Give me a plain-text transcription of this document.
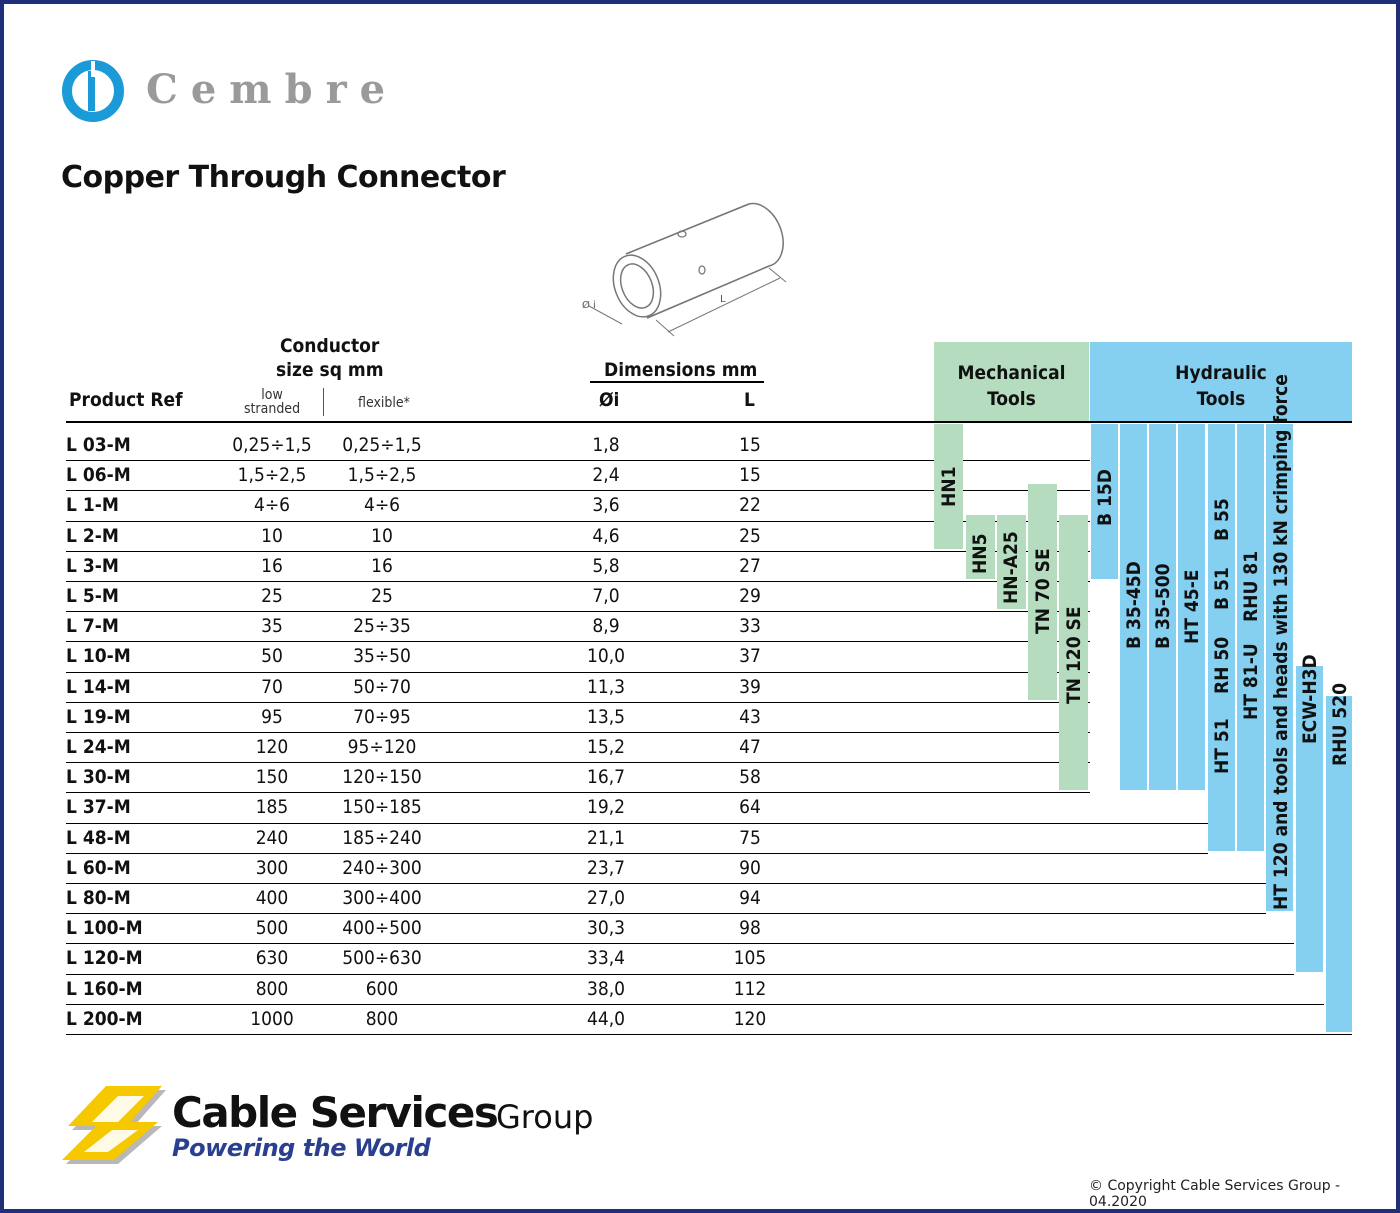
Cembre
Copper Through Connector
Ø i
L
Conductor
size sq mm
Product Ref	low
stranded	flexible*
Dimensions mm
Øi	L
Mechanical
Tools
Hydraulic
Tools
L 03-M	0,25÷1,5	0,25÷1,5	1,8	15
L 06-M	1,5÷2,5	1,5÷2,5	2,4	15
L 1-M	4÷6	4÷6	3,6	22
L 2-M	10	10	4,6	25
L 3-M	16	16	5,8	27
L 5-M	25	25	7,0	29
L 7-M	35	25÷35	8,9	33
L 10-M	50	35÷50	10,0	37
L 14-M	70	50÷70	11,3	39
L 19-M	95	70÷95	13,5	43
L 24-M	120	95÷120	15,2	47
L 30-M	150	120÷150	16,7	58
L 37-M	185	150÷185	19,2	64
L 48-M	240	185÷240	21,1	75
L 60-M	300	240÷300	23,7	90
L 80-M	400	300÷400	27,0	94
L 100-M	500	400÷500	30,3	98
L 120-M	630	500÷630	33,4	105
L 160-M	800	600	38,0	112
L 200-M	1000	800	44,0	120
HN1
HN5 HN-A25 TN 70 SE
TN 120 SE
B 15D
B 35-45D B 35-500 HT 45-E
B 55
B 51
RH 50
HT 51
RHU 81
HT 81-U HT 120 and tools and heads with 130 kN crimping force ECW-H3D RHU 520
Cable Services
Group
Powering the World
© Copyright Cable Services Group - 04.2020
